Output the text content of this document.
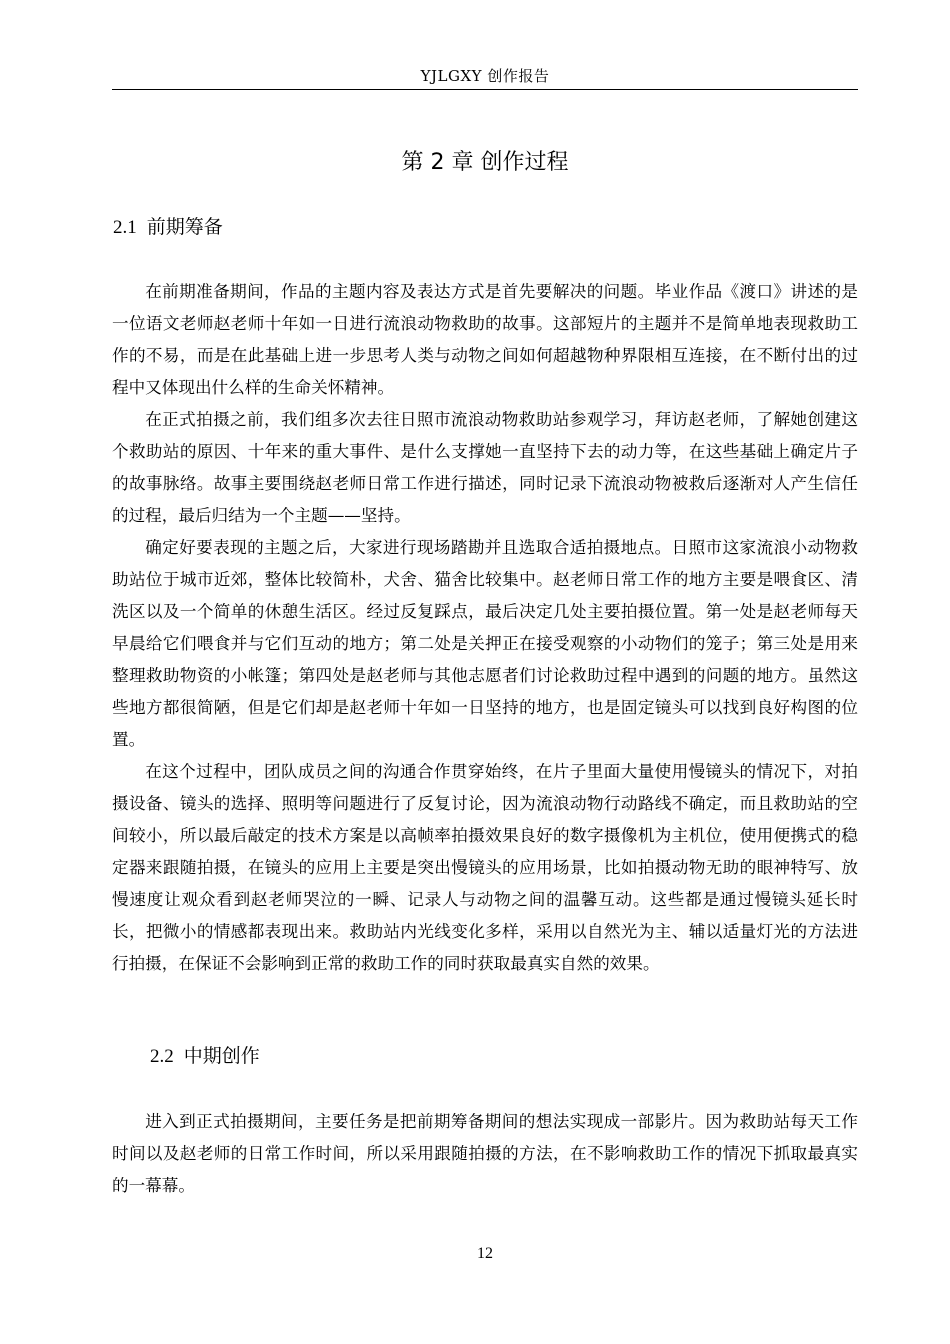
YJLGXY 创作报告
第 2 章 创作过程
2.1 前期筹备

在前期准备期间，作品的主题内容及表达方式是首先要解决的问题。毕业作品《渡口》讲述的是一位语文老师赵老师十年如一日进行流浪动物救助的故事。这部短片的主题并不是简单地表现救助工作的不易，而是在此基础上进一步思考人类与动物之间如何超越物种界限相互连接，在不断付出的过程中又体现出什么样的生命关怀精神。

在正式拍摄之前，我们组多次去往日照市流浪动物救助站参观学习，拜访赵老师，了解她创建这个救助站的原因、十年来的重大事件、是什么支撑她一直坚持下去的动力等，在这些基础上确定片子的故事脉络。故事主要围绕赵老师日常工作进行描述，同时记录下流浪动物被救后逐渐对人产生信任的过程，最后归结为一个主题——坚持。

确定好要表现的主题之后，大家进行现场踏勘并且选取合适拍摄地点。日照市这家流浪小动物救助站位于城市近郊，整体比较简朴，犬舍、猫舍比较集中。赵老师日常工作的地方主要是喂食区、清洗区以及一个简单的休憩生活区。经过反复踩点，最后决定几处主要拍摄位置。第一处是赵老师每天早晨给它们喂食并与它们互动的地方；第二处是关押正在接受观察的小动物们的笼子；第三处是用来整理救助物资的小帐篷；第四处是赵老师与其他志愿者们讨论救助过程中遇到的问题的地方。虽然这些地方都很简陋，但是它们却是赵老师十年如一日坚持的地方，也是固定镜头可以找到良好构图的位置。

在这个过程中，团队成员之间的沟通合作贯穿始终，在片子里面大量使用慢镜头的情况下，对拍摄设备、镜头的选择、照明等问题进行了反复讨论，因为流浪动物行动路线不确定，而且救助站的空间较小，所以最后敲定的技术方案是以高帧率拍摄效果良好的数字摄像机为主机位，使用便携式的稳定器来跟随拍摄，在镜头的应用上主要是突出慢镜头的应用场景，比如拍摄动物无助的眼神特写、放慢速度让观众看到赵老师哭泣的一瞬、记录人与动物之间的温馨互动。这些都是通过慢镜头延长时长，把微小的情感都表现出来。救助站内光线变化多样，采用以自然光为主、辅以适量灯光的方法进行拍摄，在保证不会影响到正常的救助工作的同时获取最真实自然的效果。

2.2 中期创作

进入到正式拍摄期间，主要任务是把前期筹备期间的想法实现成一部影片。因为救助站每天工作时间以及赵老师的日常工作时间，所以采用跟随拍摄的方法，在不影响救助工作的情况下抓取最真实的一幕幕。

12
